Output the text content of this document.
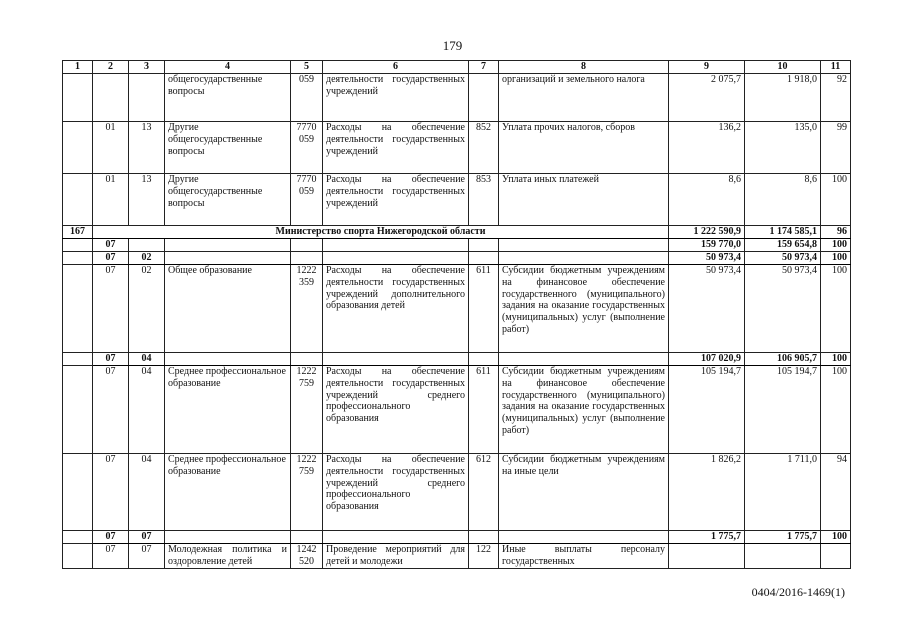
179
1	2	3	4	5	6	7	8	9	10	11
			общегосударственные вопросы	059	деятельности государственных учреждений		организаций и земельного налога	2 075,7	1 918,0	92
	01	13	Другие общегосударственные вопросы	7770 059	Расходы на обеспечение деятельности государственных учреждений	852	Уплата прочих налогов, сборов	136,2	135,0	99
	01	13	Другие общегосударственные вопросы	7770 059	Расходы на обеспечение деятельности государственных учреждений	853	Уплата иных платежей	8,6	8,6	100
167	Министерство спорта Нижегородской области							1 222 590,9	1 174 585,1	96
	07							159 770,0	159 654,8	100
	07	02						50 973,4	50 973,4	100
	07	02	Общее образование	1222 359	Расходы на обеспечение деятельности государственных учреждений дополнительного образования детей	611	Субсидии бюджетным учреждениям на финансовое обеспечение государственного (муниципального) задания на оказание государственных (муниципальных) услуг (выполнение работ)	50 973,4	50 973,4	100
	07	04						107 020,9	106 905,7	100
	07	04	Среднее профессиональное образование	1222 759	Расходы на обеспечение деятельности государственных учреждений среднего профессионального образования	611	Субсидии бюджетным учреждениям на финансовое обеспечение государственного (муниципального) задания на оказание государственных (муниципальных) услуг (выполнение работ)	105 194,7	105 194,7	100
	07	04	Среднее профессиональное образование	1222 759	Расходы на обеспечение деятельности государственных учреждений среднего профессионального образования	612	Субсидии бюджетным учреждениям на иные цели	1 826,2	1 711,0	94
	07	07						1 775,7	1 775,7	100
	07	07	Молодежная политика и оздоровление детей	1242 520	Проведение мероприятий для детей и молодежи	122	Иные выплаты персоналу государственных			
0404/2016-1469(1)
